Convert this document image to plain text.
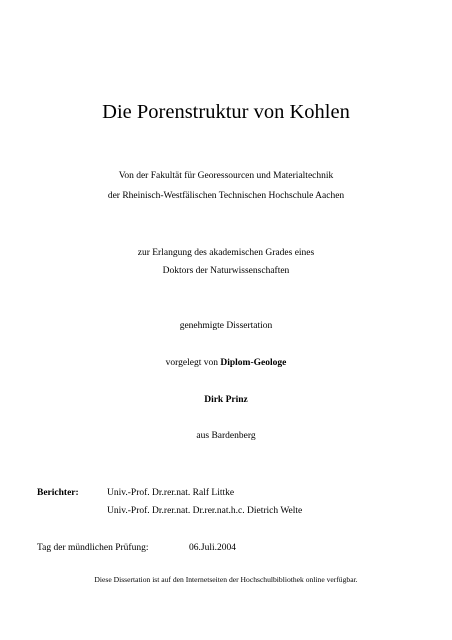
Die Porenstruktur von Kohlen
Von der Fakultät für Georessourcen und Materialtechnik
der Rheinisch-Westfälischen Technischen Hochschule Aachen
zur Erlangung des akademischen Grades eines
Doktors der Naturwissenschaften
genehmigte Dissertation
vorgelegt von Diplom-Geologe
Dirk Prinz
aus Bardenberg
Berichter:	Univ.-Prof. Dr.rer.nat. Ralf Littke
Univ.-Prof. Dr.rer.nat. Dr.rer.nat.h.c. Dietrich Welte
Tag der mündlichen Prüfung:	06.Juli.2004
Diese Dissertation ist auf den Internetseiten der Hochschulbibliothek online verfügbar.
